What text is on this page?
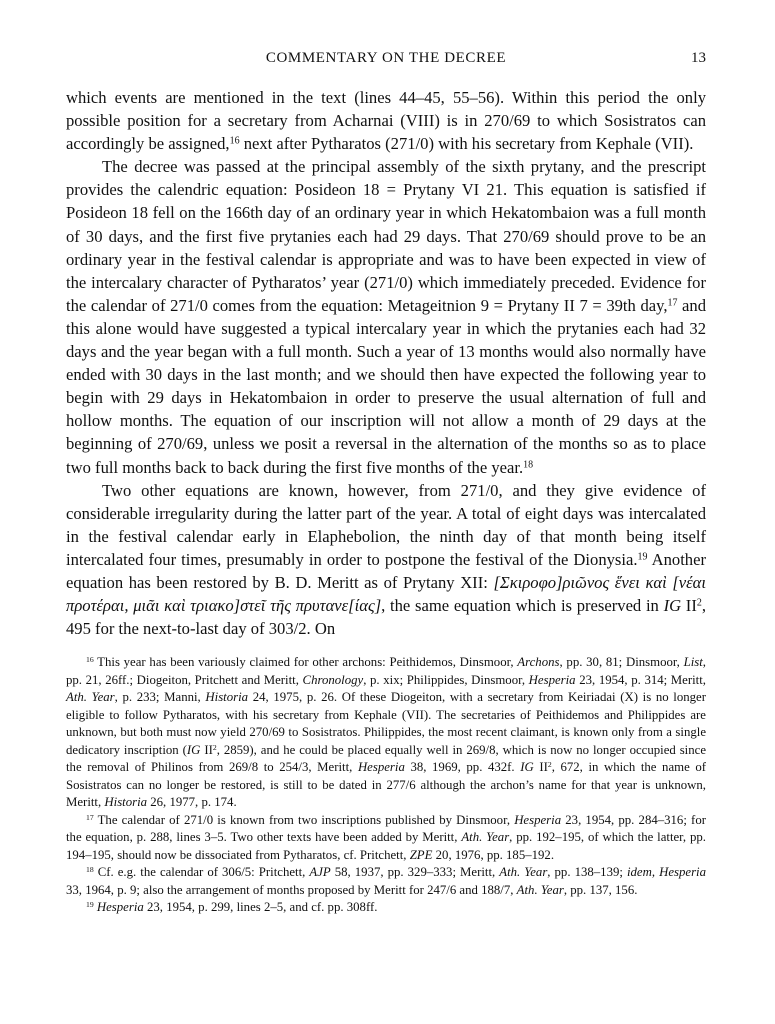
COMMENTARY ON THE DECREE	13

which events are mentioned in the text (lines 44–45, 55–56). Within this period the only possible position for a secretary from Acharnai (VIII) is in 270/69 to which Sosistratos can accordingly be assigned,$^{16}$ next after Pytharatos (271/0) with his secretary from Kephale (VII).

The decree was passed at the principal assembly of the sixth prytany, and the prescript provides the calendric equation: Posideon 18 = Prytany VI 21. This equation is satisfied if Posideon 18 fell on the 166th day of an ordinary year in which Hekatombaion was a full month of 30 days, and the first five prytanies each had 29 days. That 270/69 should prove to be an ordinary year in the festival calendar is appropriate and was to have been expected in view of the intercalary character of Pytharatos’ year (271/0) which immediately preceded. Evidence for the calendar of 271/0 comes from the equation: Metageitnion 9 = Prytany II 7 = 39th day,$^{17}$ and this alone would have suggested a typical intercalary year in which the prytanies each had 32 days and the year began with a full month. Such a year of 13 months would also normally have ended with 30 days in the last month; and we should then have expected the following year to begin with 29 days in Hekatombaion in order to preserve the usual alternation of full and hollow months. The equation of our inscription will not allow a month of 29 days at the beginning of 270/69, unless we posit a reversal in the alternation of the months so as to place two full months back to back during the first five months of the year.$^{18}$

Two other equations are known, however, from 271/0, and they give evidence of considerable irregularity during the latter part of the year. A total of eight days was intercalated in the festival calendar early in Elaphebolion, the ninth day of that month being itself intercalated four times, presumably in order to postpone the festival of the Dionysia.$^{19}$ Another equation has been restored by B. D. Meritt as of Prytany XII: [Σκιροφο]ριῶνος ἕνει καὶ [νέαι προτέραι, μιᾶι καὶ τριακο]στεῖ τῆς πρυτανε[ίας], the same equation which is preserved in IG $II^2$, 495 for the next-to-last day of 303/2. On

$^{16}$ This year has been variously claimed for other archons: Peithidemos, Dinsmoor, Archons, pp. 30, 81; Dinsmoor, List, pp. 21, 26ff.; Diogeiton, Pritchett and Meritt, Chronology, p. xix; Philippides, Dinsmoor, Hesperia 23, 1954, p. 314; Meritt, Ath. Year, p. 233; Manni, Historia 24, 1975, p. 26. Of these Diogeiton, with a secretary from Keiriadai (X) is no longer eligible to follow Pytharatos, with his secretary from Kephale (VII). The secretaries of Peithidemos and Philippides are unknown, but both must now yield 270/69 to Sosistratos. Philippides, the most recent claimant, is known only from a single dedicatory inscription (IG $II^2$, 2859), and he could be placed equally well in 269/8, which is now no longer occupied since the removal of Philinos from 269/8 to 254/3, Meritt, Hesperia 38, 1969, pp. 432f. IG $II^2$, 672, in which the name of Sosistratos can no longer be restored, is still to be dated in 277/6 although the archon’s name for that year is unknown, Meritt, Historia 26, 1977, p. 174.

$^{17}$ The calendar of 271/0 is known from two inscriptions published by Dinsmoor, Hesperia 23, 1954, pp. 284–316; for the equation, p. 288, lines 3–5. Two other texts have been added by Meritt, Ath. Year, pp. 192–195, of which the latter, pp. 194–195, should now be dissociated from Pytharatos, cf. Pritchett, ZPE 20, 1976, pp. 185–192.

$^{18}$ Cf. e.g. the calendar of 306/5: Pritchett, AJP 58, 1937, pp. 329–333; Meritt, Ath. Year, pp. 138–139; idem, Hesperia 33, 1964, p. 9; also the arrangement of months proposed by Meritt for 247/6 and 188/7, Ath. Year, pp. 137, 156.

$^{19}$ Hesperia 23, 1954, p. 299, lines 2–5, and cf. pp. 308ff.
